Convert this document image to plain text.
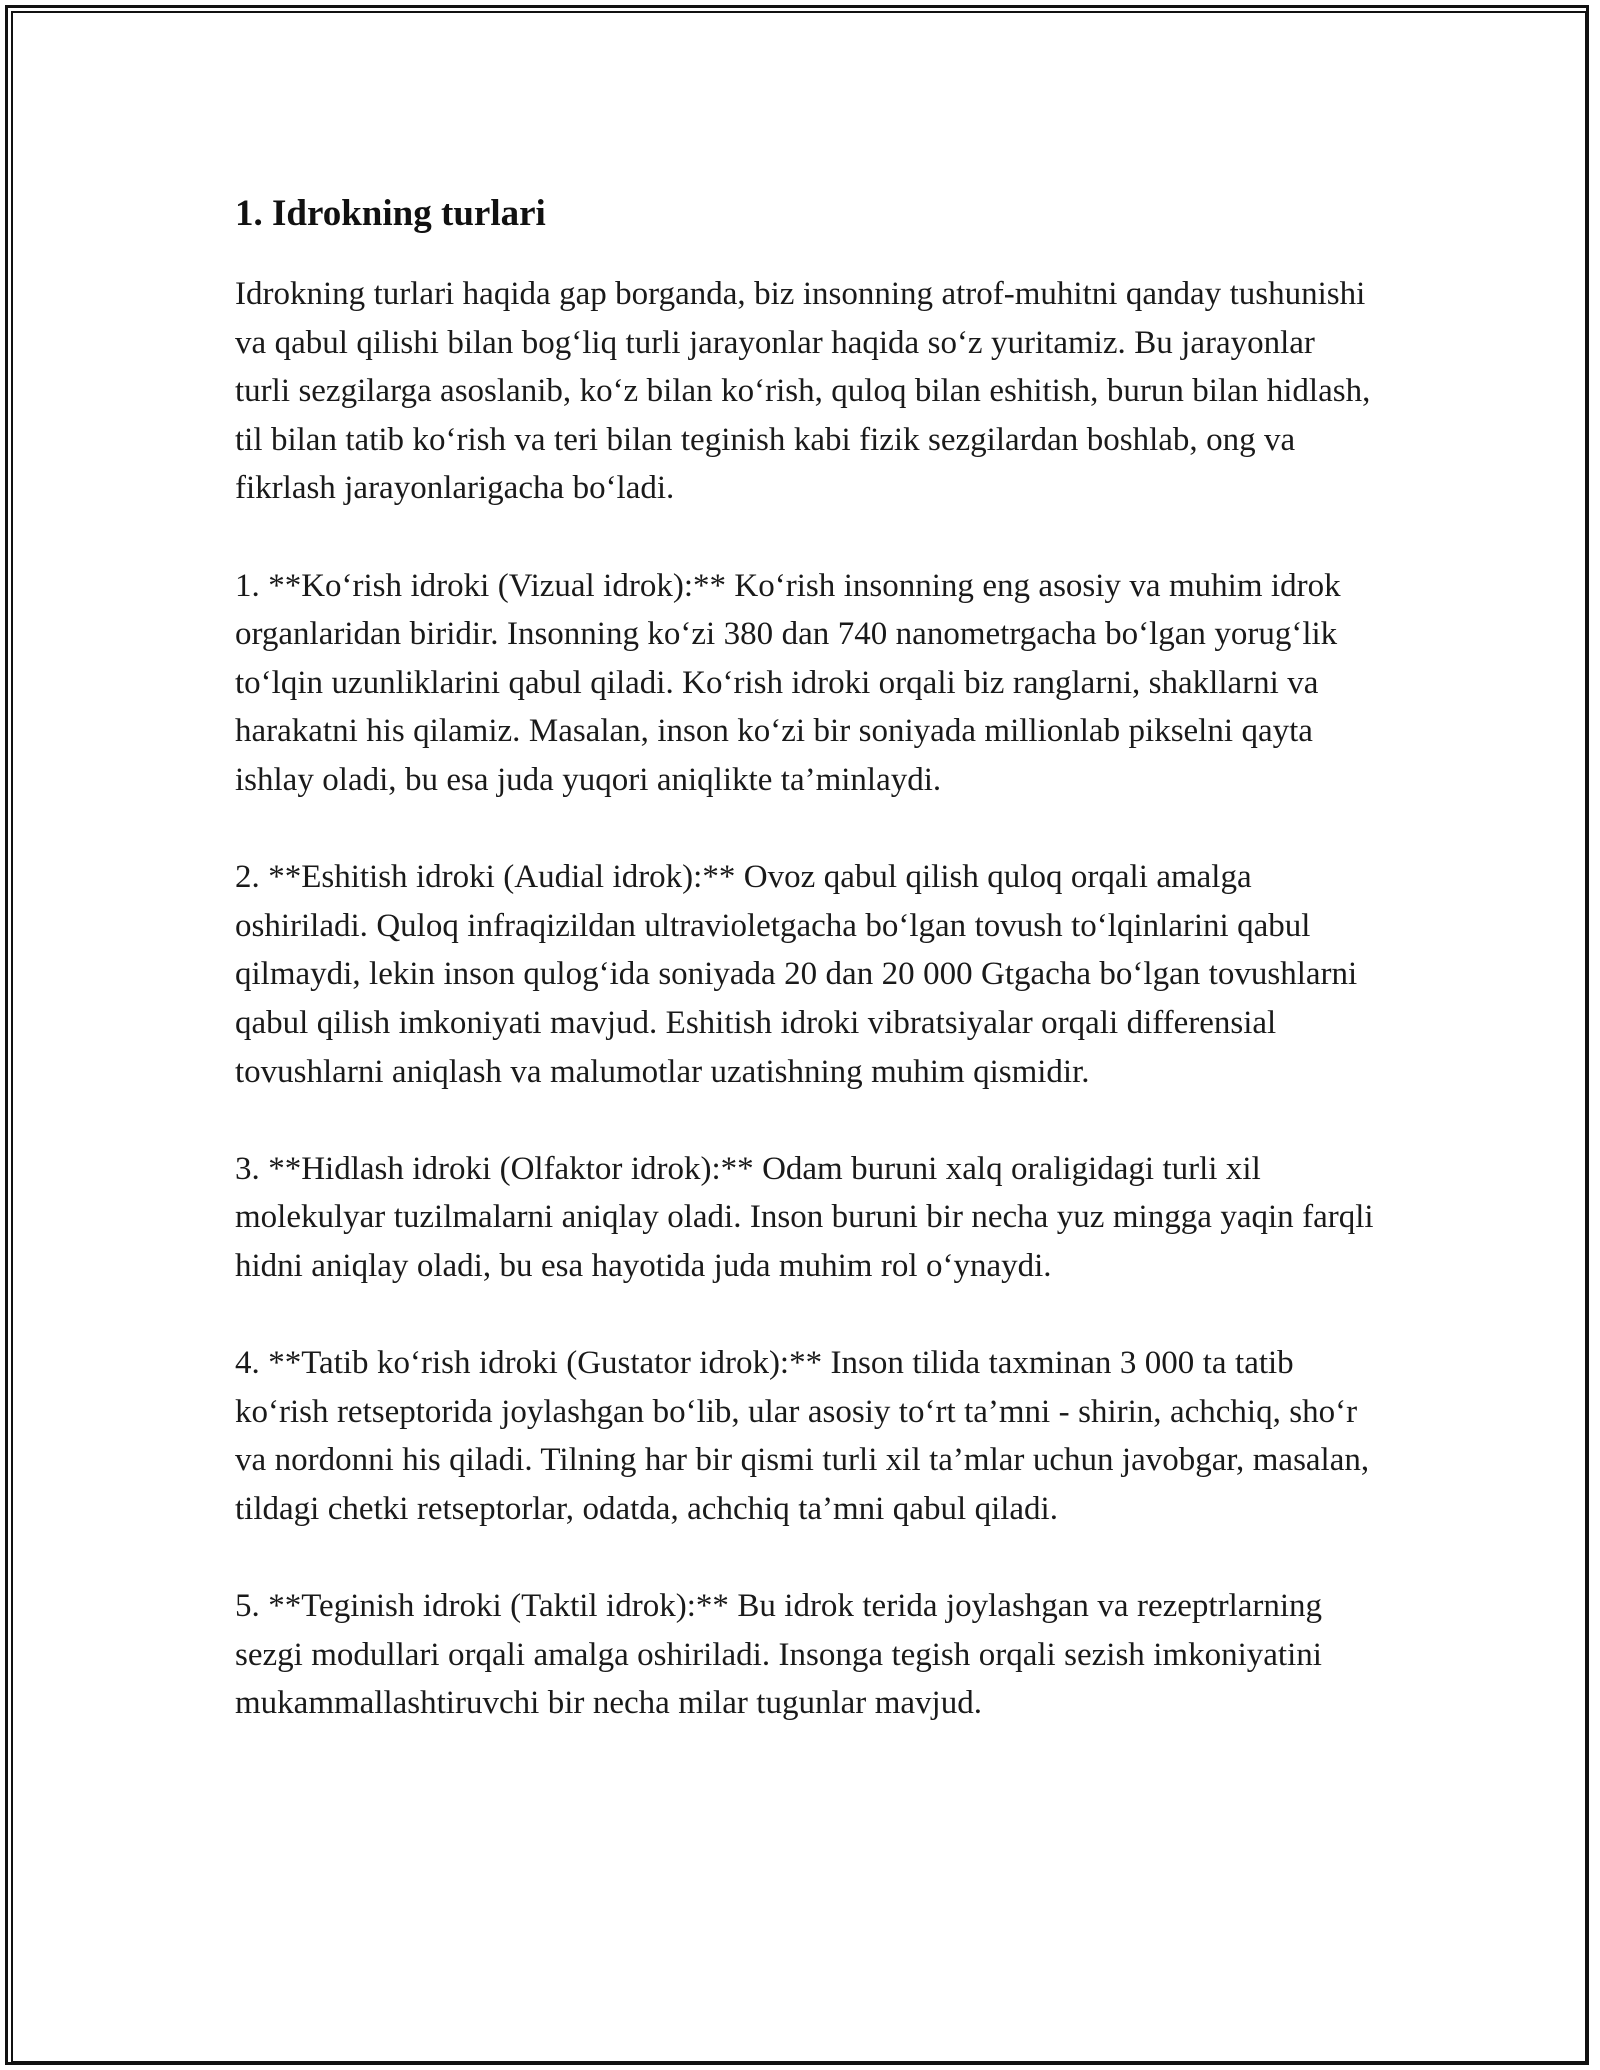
1. Idrokning turlari

Idrokning turlari haqida gap borganda, biz insonning atrof-muhitni qanday tushunishi va qabul qilishi bilan bog‘liq turli jarayonlar haqida so‘z yuritamiz. Bu jarayonlar turli sezgilarga asoslanib, ko‘z bilan ko‘rish, quloq bilan eshitish, burun bilan hidlash, til bilan tatib ko‘rish va teri bilan teginish kabi fizik sezgilardan boshlab, ong va fikrlash jarayonlarigacha bo‘ladi.

1. **Ko‘rish idroki (Vizual idrok):** Ko‘rish insonning eng asosiy va muhim idrok organlaridan biridir. Insonning ko‘zi 380 dan 740 nanometrgacha bo‘lgan yorug‘lik to‘lqin uzunliklarini qabul qiladi. Ko‘rish idroki orqali biz ranglarni, shakllarni va harakatni his qilamiz. Masalan, inson ko‘zi bir soniyada millionlab pikselni qayta ishlay oladi, bu esa juda yuqori aniqlikte ta’minlaydi.

2. **Eshitish idroki (Audial idrok):** Ovoz qabul qilish quloq orqali amalga oshiriladi. Quloq infraqizildan ultravioletgacha bo‘lgan tovush to‘lqinlarini qabul qilmaydi, lekin inson qulog‘ida soniyada 20 dan 20 000 Gtgacha bo‘lgan tovushlarni qabul qilish imkoniyati mavjud. Eshitish idroki vibratsiyalar orqali differensial tovushlarni aniqlash va malumotlar uzatishning muhim qismidir.

3. **Hidlash idroki (Olfaktor idrok):** Odam buruni xalq oraligidagi turli xil molekulyar tuzilmalarni aniqlay oladi. Inson buruni bir necha yuz mingga yaqin farqli hidni aniqlay oladi, bu esa hayotida juda muhim rol o‘ynaydi.

4. **Tatib ko‘rish idroki (Gustator idrok):** Inson tilida taxminan 3 000 ta tatib ko‘rish retseptorida joylashgan bo‘lib, ular asosiy to‘rt ta’mni - shirin, achchiq, sho‘r va nordonni his qiladi. Tilning har bir qismi turli xil ta’mlar uchun javobgar, masalan, tildagi chetki retseptorlar, odatda, achchiq ta’mni qabul qiladi.

5. **Teginish idroki (Taktil idrok):** Bu idrok terida joylashgan va rezeptrlarning sezgi modullari orqali amalga oshiriladi. Insonga tegish orqali sezish imkoniyatini mukammallashtiruvchi bir necha milar tugunlar mavjud.
